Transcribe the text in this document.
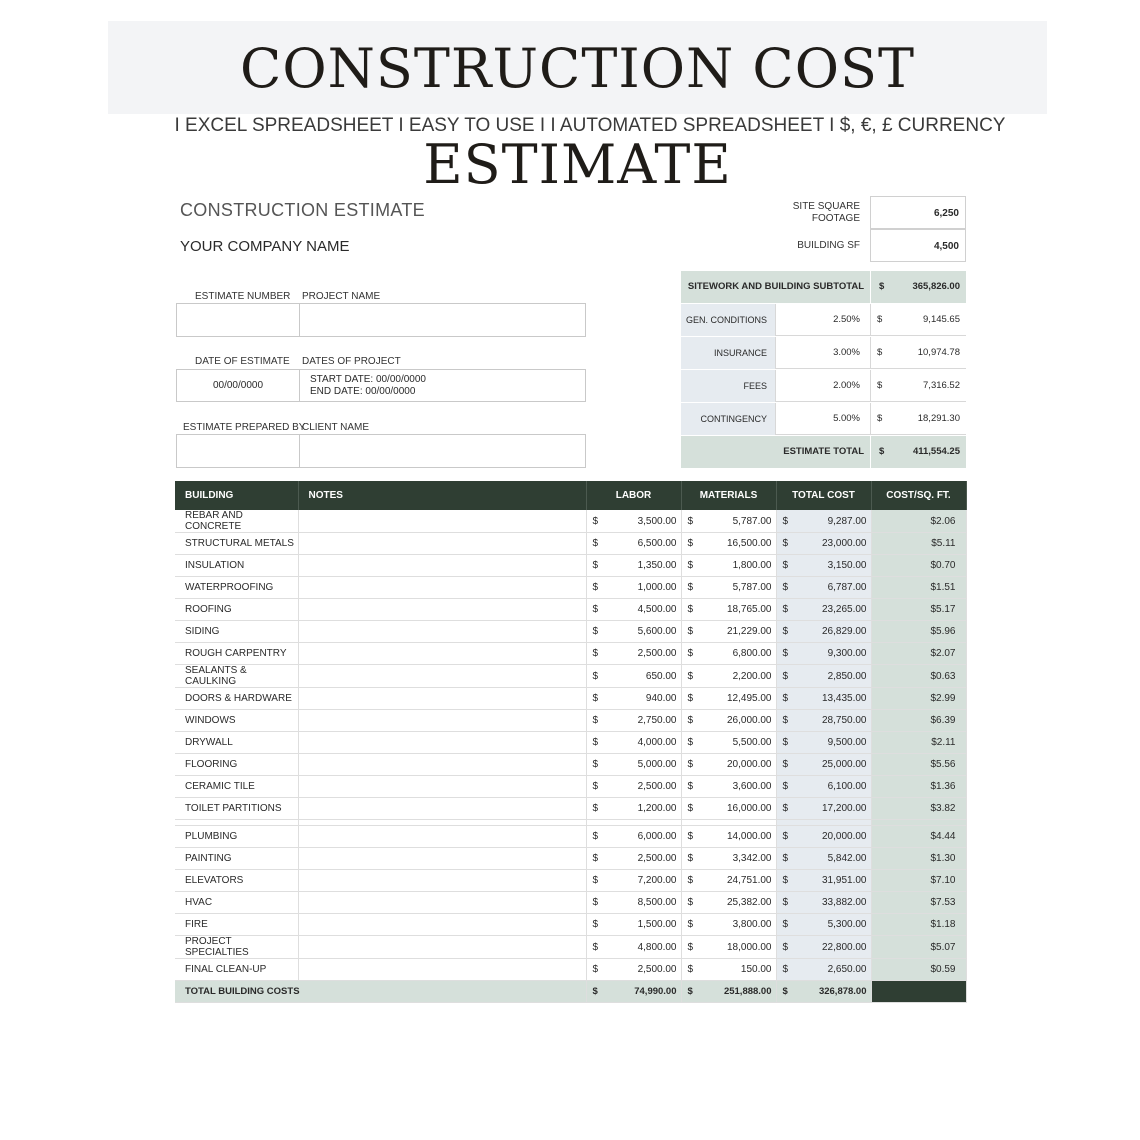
CONSTRUCTION COST ESTIMATE
I EXCEL SPREADSHEET I EASY TO USE I I AUTOMATED SPREADSHEET I $, €, £ CURRENCY
CONSTRUCTION ESTIMATE
YOUR COMPANY NAME
ESTIMATE NUMBER PROJECT NAME
DATE OF ESTIMATE DATES OF PROJECT
00/00/0000
START DATE: 00/00/0000
END DATE: 00/00/0000
ESTIMATE PREPARED BY
CLIENT NAME
SITE SQUARE
FOOTAGE	6,250
BUILDING SF	4,500
SITEWORK AND BUILDING SUBTOTAL	$	365,826.00
GEN. CONDITIONS	2.50%	$	9,145.65
INSURANCE	3.00%	$	10,974.78
FEES	2.00%	$	7,316.52
CONTINGENCY	5.00%	$	18,291.30
ESTIMATE TOTAL	$	411,554.25
BUILDING	NOTES	LABOR	MATERIALS	TOTAL COST	COST/SQ. FT.
REBAR AND CONCRETE		$ 3,500.00	$ 5,787.00	$ 9,287.00	$2.06
STRUCTURAL METALS		$ 6,500.00	$ 16,500.00	$ 23,000.00	$5.11
INSULATION		$ 1,350.00	$ 1,800.00	$ 3,150.00	$0.70
WATERPROOFING		$ 1,000.00	$ 5,787.00	$ 6,787.00	$1.51
ROOFING		$ 4,500.00	$ 18,765.00	$ 23,265.00	$5.17
SIDING		$ 5,600.00	$ 21,229.00	$ 26,829.00	$5.96
ROUGH CARPENTRY		$ 2,500.00	$ 6,800.00	$ 9,300.00	$2.07
SEALANTS & CAULKING		$ 650.00	$ 2,200.00	$ 2,850.00	$0.63
DOORS & HARDWARE		$ 940.00	$ 12,495.00	$ 13,435.00	$2.99
WINDOWS		$ 2,750.00	$ 26,000.00	$ 28,750.00	$6.39
DRYWALL		$ 4,000.00	$ 5,500.00	$ 9,500.00	$2.11
FLOORING		$ 5,000.00	$ 20,000.00	$ 25,000.00	$5.56
CERAMIC TILE		$ 2,500.00	$ 3,600.00	$ 6,100.00	$1.36
TOILET PARTITIONS		$ 1,200.00	$ 16,000.00	$ 17,200.00	$3.82

PLUMBING		$ 6,000.00	$ 14,000.00	$ 20,000.00	$4.44
PAINTING		$ 2,500.00	$ 3,342.00	$ 5,842.00	$1.30
ELEVATORS		$ 7,200.00	$ 24,751.00	$ 31,951.00	$7.10
HVAC		$ 8,500.00	$ 25,382.00	$ 33,882.00	$7.53
FIRE		$ 1,500.00	$ 3,800.00	$ 5,300.00	$1.18
PROJECT SPECIALTIES		$ 4,800.00	$ 18,000.00	$ 22,800.00	$5.07
FINAL CLEAN-UP		$ 2,500.00	$ 150.00	$ 2,650.00	$0.59
TOTAL BUILDING COSTS		$ 74,990.00	$ 251,888.00	$ 326,878.00	
